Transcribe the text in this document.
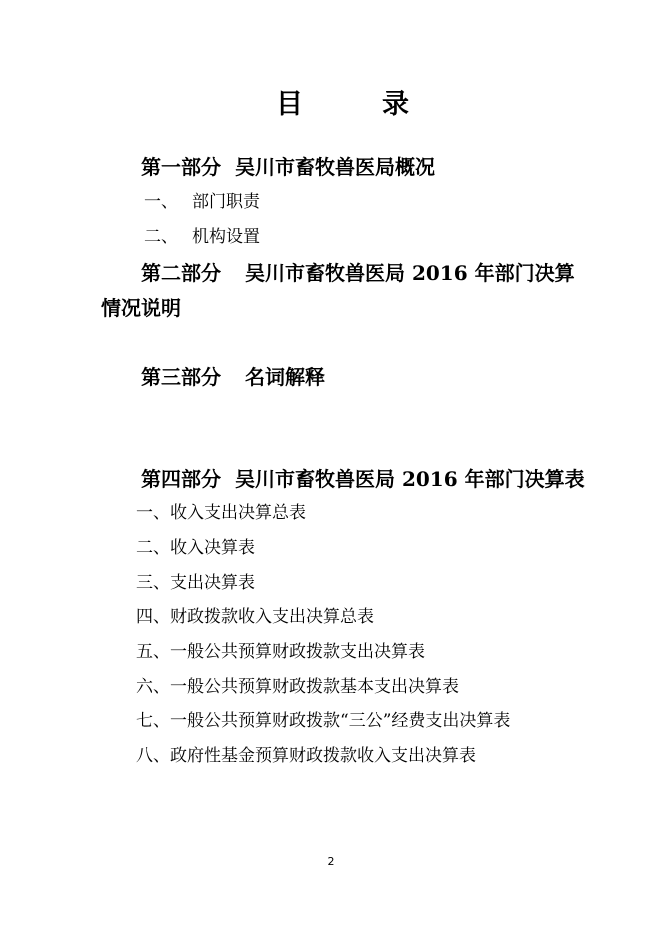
目	录
第一部分 吴川市畜牧兽医局概况
一、 部门职责
二、 机构设置
第二部分 吴川市畜牧兽医局 2016 年部门决算
情况说明
第三部分 名词解释
第四部分 吴川市畜牧兽医局 2016 年部门决算表
一、收入支出决算总表
二、收入决算表
三、支出决算表
四、财政拨款收入支出决算总表
五、一般公共预算财政拨款支出决算表
六、一般公共预算财政拨款基本支出决算表
七、一般公共预算财政拨款“三公”经费支出决算表
八、政府性基金预算财政拨款收入支出决算表
2
